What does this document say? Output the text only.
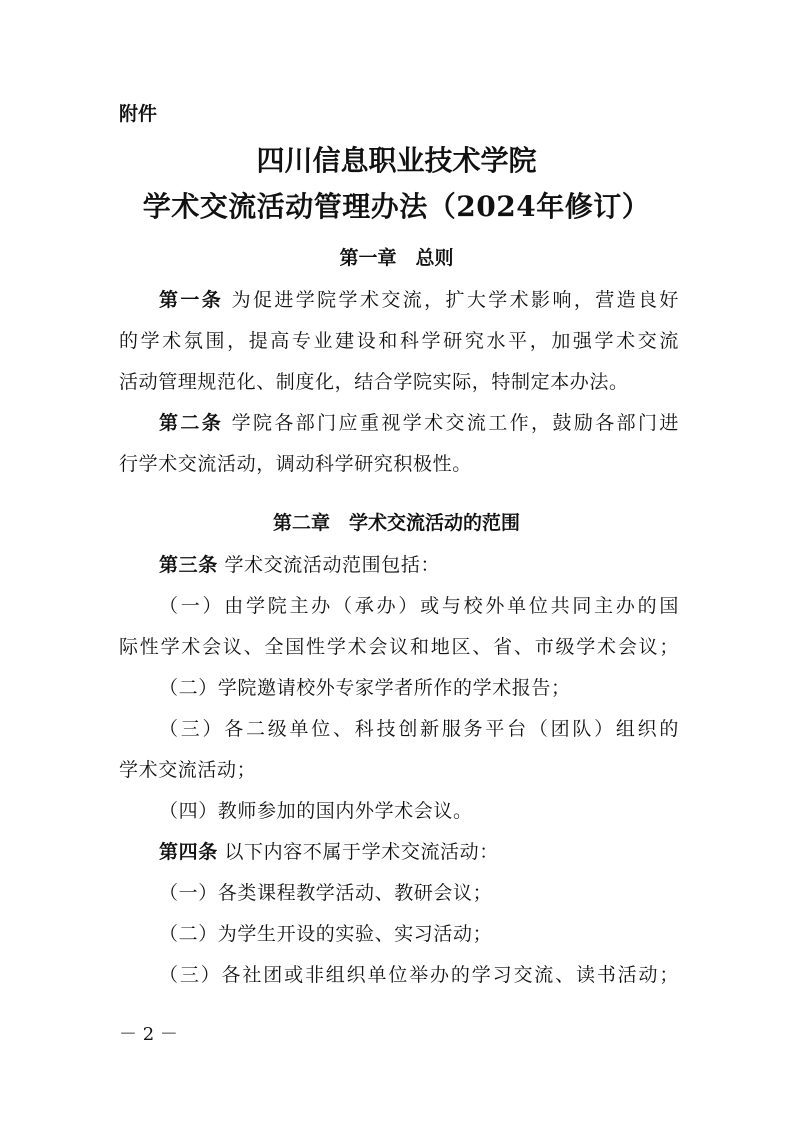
附件
四川信息职业技术学院
学术交流活动管理办法（2024年修订）
第一章　总则
第一条 为促进学院学术交流，扩大学术影响，营造良好
的学术氛围，提高专业建设和科学研究水平，加强学术交流
活动管理规范化、制度化，结合学院实际，特制定本办法。
第二条 学院各部门应重视学术交流工作，鼓励各部门进
行学术交流活动，调动科学研究积极性。
第二章　学术交流活动的范围
第三条 学术交流活动范围包括：
（一）由学院主办（承办）或与校外单位共同主办的国
际性学术会议、全国性学术会议和地区、省、市级学术会议；
（二）学院邀请校外专家学者所作的学术报告；
（三）各二级单位、科技创新服务平台（团队）组织的
学术交流活动；
（四）教师参加的国内外学术会议。
第四条 以下内容不属于学术交流活动：
（一）各类课程教学活动、教研会议；
（二）为学生开设的实验、实习活动；
（三）各社团或非组织单位举办的学习交流、读书活动；
－ 2 －
